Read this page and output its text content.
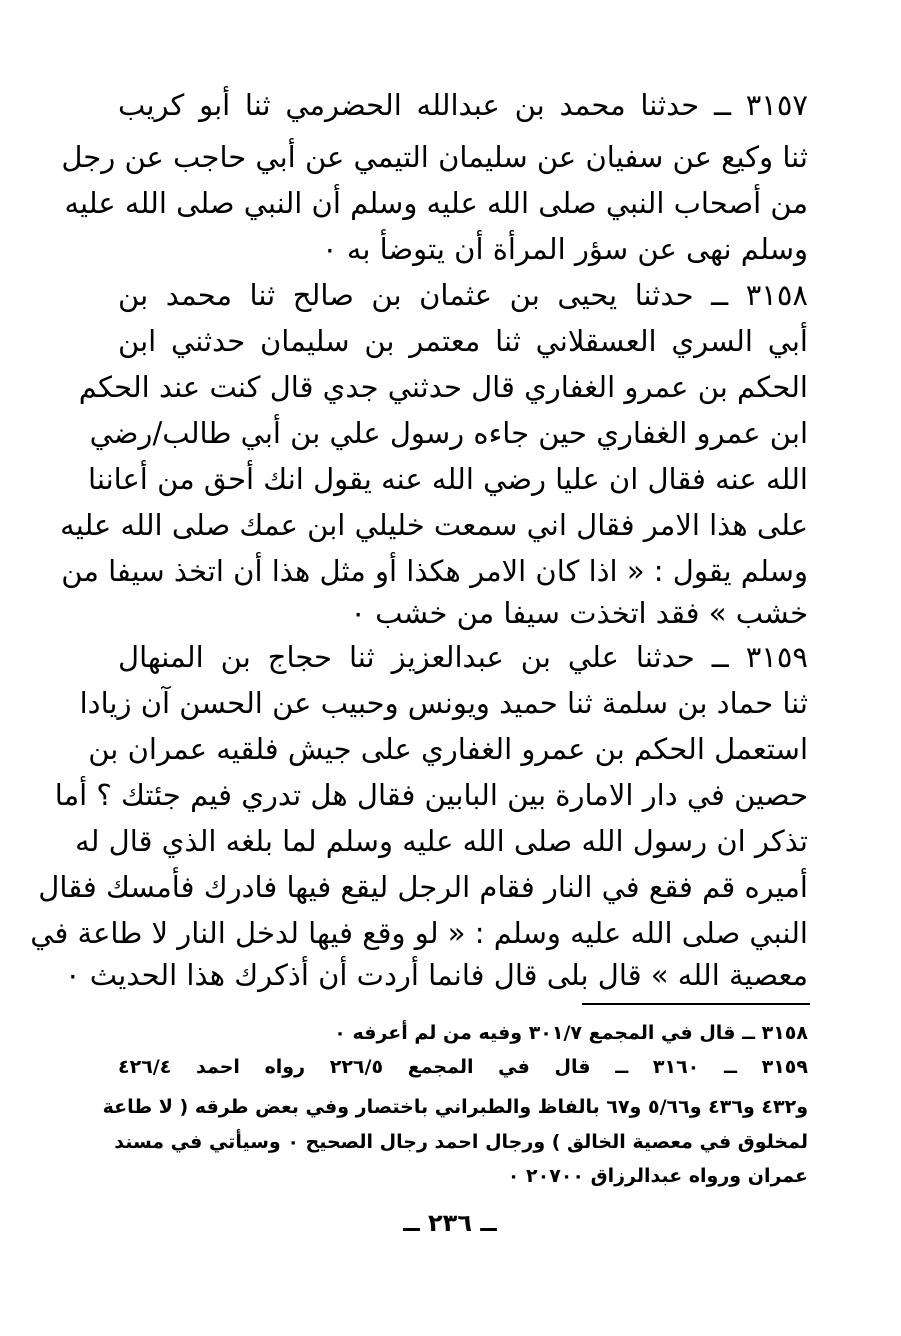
٣١٥٧ ــ حدثنا محمد بن عبدالله الحضرمي ثنا أبو كريب
ثنا وكيع عن سفيان عن سليمان التيمي عن أبي حاجب عن رجل
من أصحاب النبي صلى الله عليه وسلم أن النبي صلى الله عليه
وسلم نهى عن سؤر المرأة أن يتوضأ به ٠
٣١٥٨ ــ حدثنا يحيى بن عثمان بن صالح ثنا محمد بن
أبي السري العسقلاني ثنا معتمر بن سليمان حدثني ابن
الحكم بن عمرو الغفاري قال حدثني جدي قال كنت عند الحكم
ابن عمرو الغفاري حين جاءه رسول علي بن أبي طالب/رضي
الله عنه فقال ان عليا رضي الله عنه يقول انك أحق من أعاننا
على هذا الامر فقال اني سمعت خليلي ابن عمك صلى الله عليه
وسلم يقول : « اذا كان الامر هكذا أو مثل هذا أن اتخذ سيفا من
خشب » فقد اتخذت سيفا من خشب ٠
٣١٥٩ ــ حدثنا علي بن عبدالعزيز ثنا حجاج بن المنهال
ثنا حماد بن سلمة ثنا حميد ويونس وحبيب عن الحسن آن زيادا
استعمل الحكم بن عمرو الغفاري على جيش فلقيه عمران بن
حصين في دار الامارة بين البابين فقال هل تدري فيم جئتك ؟ أما
تذكر ان رسول الله صلى الله عليه وسلم لما بلغه الذي قال له
أميره قم فقع في النار فقام الرجل ليقع فيها فادرك فأمسك فقال
النبي صلى الله عليه وسلم : « لو وقع فيها لدخل النار لا طاعة في
معصية الله » قال بلى قال فانما أردت أن أذكرك هذا الحديث ٠
٣١٥٨ ــ قال في المجمع ٣٠١/٧ وفيه من لم أعرفه ٠
٣١٥٩ ــ ٣١٦٠ ــ قال في المجمع ٢٢٦/٥ رواه احمد ٤٢٦/٤
و٤٣٢ و٤٣٦ و٥/٦٦ و٦٧ بالفاظ والطبراني باختصار وفي بعض طرقه ( لا طاعة
لمخلوق في معصية الخالق ) ورجال احمد رجال الصحيح ٠ وسيأتي في مسند
عمران ورواه عبدالرزاق ٢٠٧٠٠ ٠
ــ ٢٣٦ ــ
